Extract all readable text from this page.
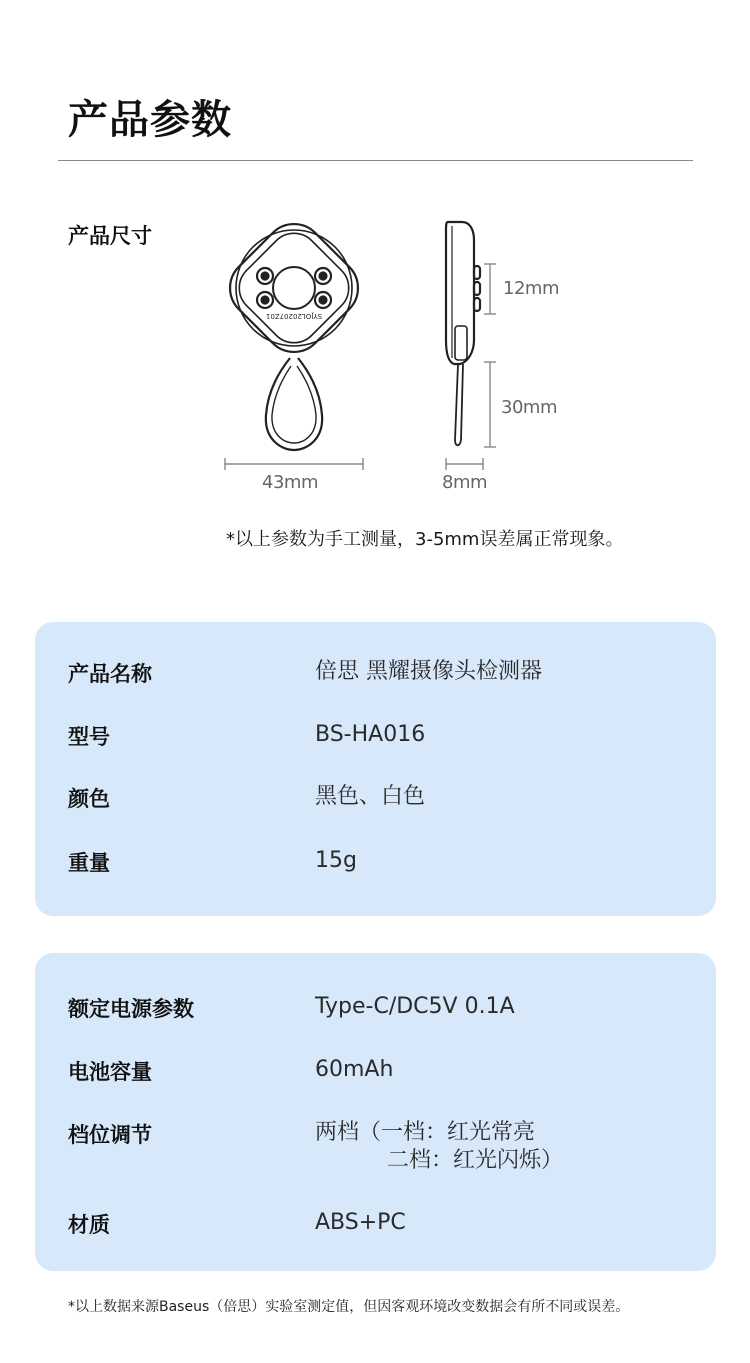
产品参数
产品尺寸
SYJOL20207Z01
43mm	8mm
12mm
30mm
*以上参数为手工测量，3-5mm误差属正常现象。
产品名称	倍思 黑耀摄像头检测器
型号	BS-HA016
颜色	黑色、白色
重量	15g
额定电源参数	Type-C/DC5V 0.1A
电池容量	60mAh
档位调节	两档（一档：红光常亮
二档：红光闪烁）
材质	ABS+PC
*以上数据来源Baseus（倍思）实验室测定值，但因客观环境改变数据会有所不同或误差。
